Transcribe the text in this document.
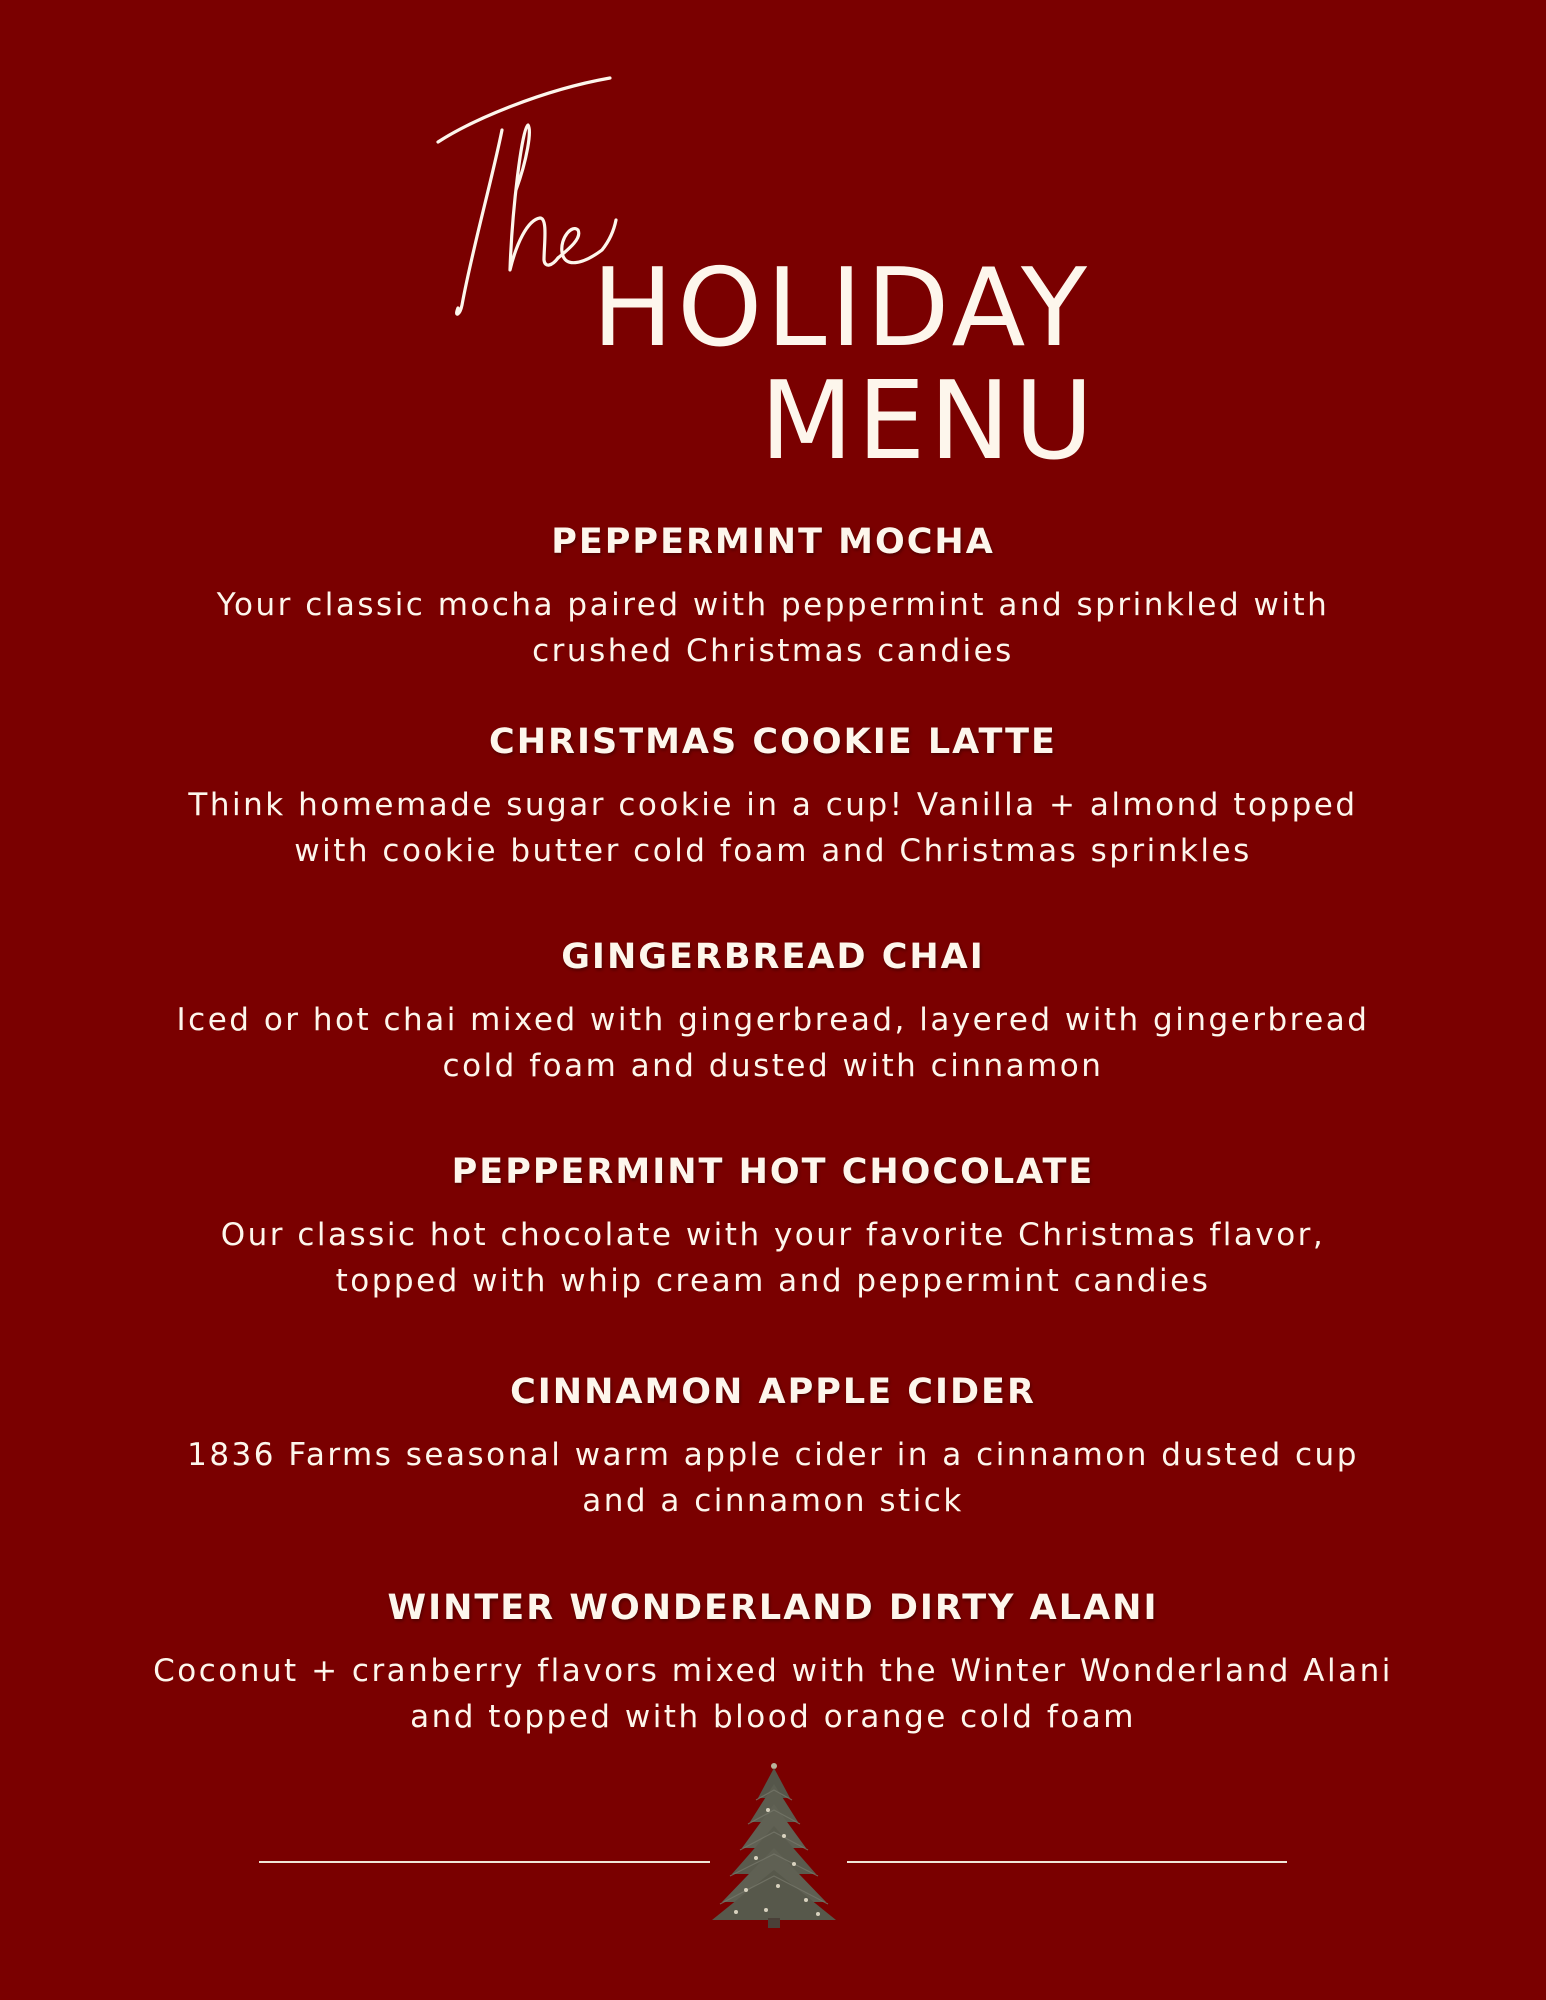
HOLIDAY
MENU

PEPPERMINT MOCHA

Your classic mocha paired with peppermint and sprinkled with crushed Christmas candies

CHRISTMAS COOKIE LATTE

Think homemade sugar cookie in a cup! Vanilla + almond topped with cookie butter cold foam and Christmas sprinkles

GINGERBREAD CHAI

Iced or hot chai mixed with gingerbread, layered with gingerbread cold foam and dusted with cinnamon

PEPPERMINT HOT CHOCOLATE

Our classic hot chocolate with your favorite Christmas flavor, topped with whip cream and peppermint candies

CINNAMON APPLE CIDER

1836 Farms seasonal warm apple cider in a cinnamon dusted cup and a cinnamon stick

WINTER WONDERLAND DIRTY ALANI

Coconut + cranberry flavors mixed with the Winter Wonderland Alani and topped with blood orange cold foam
